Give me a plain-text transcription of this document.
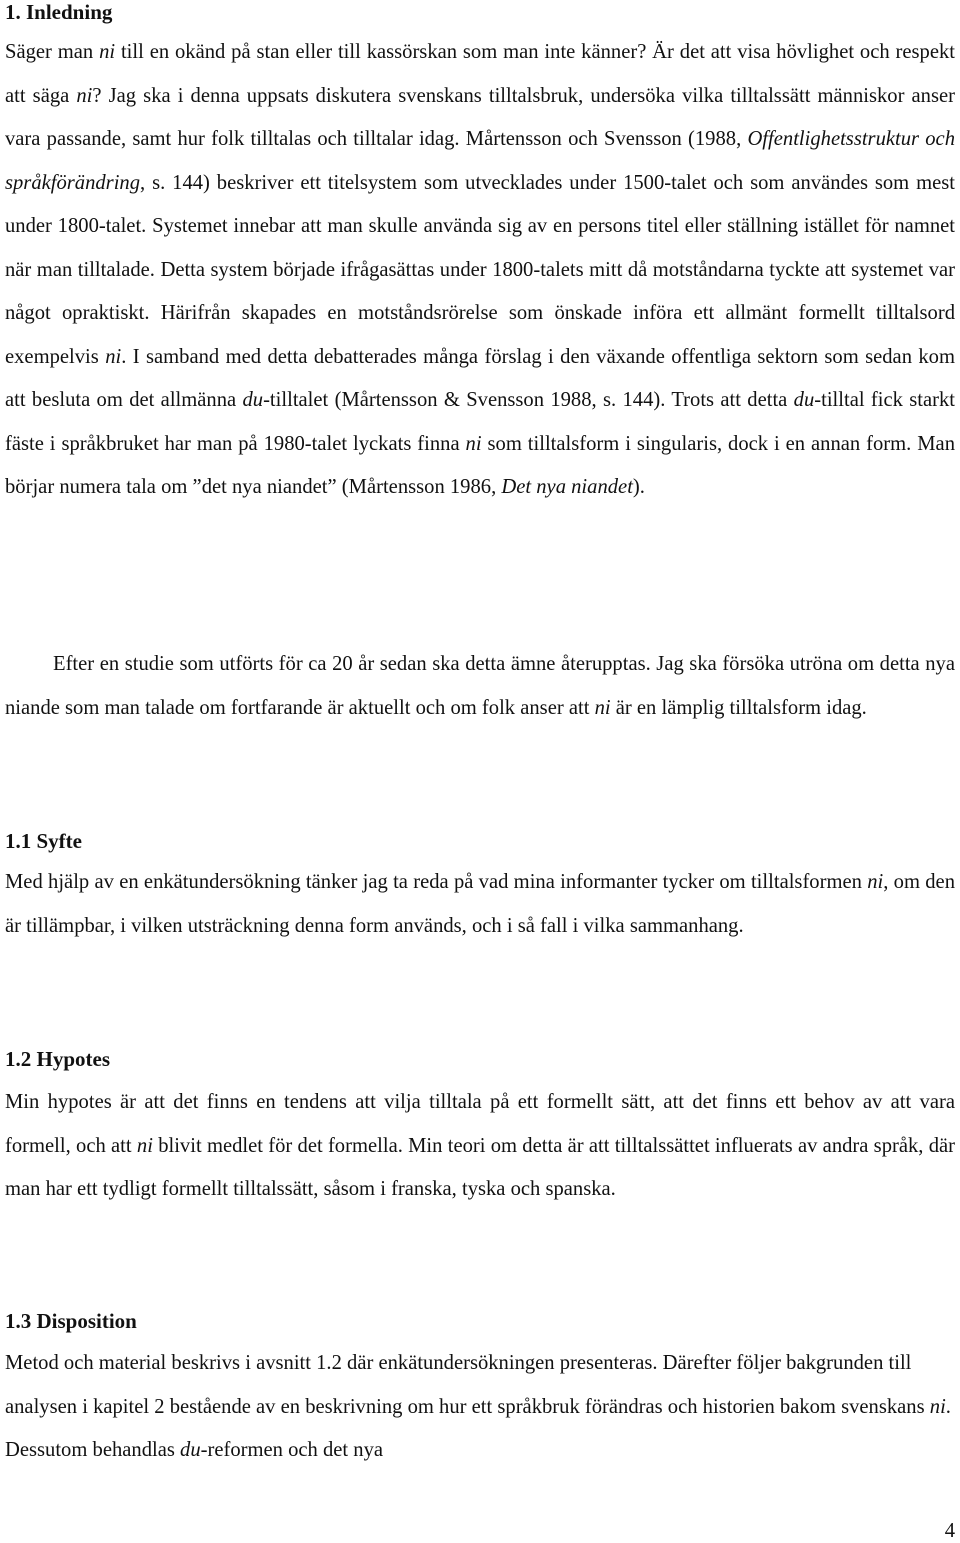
1. Inledning

Säger man ni till en okänd på stan eller till kassörskan som man inte känner? Är det att visa hövlighet och respekt att säga ni? Jag ska i denna uppsats diskutera svenskans tilltalsbruk, undersöka vilka tilltalssätt människor anser vara passande, samt hur folk tilltalas och tilltalar idag. Mårtensson och Svensson (1988, Offentlighetsstruktur och språkförändring, s. 144) beskriver ett titelsystem som utvecklades under 1500-talet och som användes som mest under 1800-talet. Systemet innebar att man skulle använda sig av en persons titel eller ställning istället för namnet när man tilltalade. Detta system började ifrågasättas under 1800-talets mitt då motståndarna tyckte att systemet var något opraktiskt. Härifrån skapades en motståndsrörelse som önskade införa ett allmänt formellt tilltalsord exempelvis ni. I samband med detta debatterades många förslag i den växande offentliga sektorn som sedan kom att besluta om det allmänna du-tilltalet (Mårtensson & Svensson 1988, s. 144). Trots att detta du-tilltal fick starkt fäste i språkbruket har man på 1980-talet lyckats finna ni som tilltalsform i singularis, dock i en annan form. Man börjar numera tala om ”det nya niandet” (Mårtensson 1986, Det nya niandet).

Efter en studie som utförts för ca 20 år sedan ska detta ämne återupptas. Jag ska försöka utröna om detta nya niande som man talade om fortfarande är aktuellt och om folk anser att ni är en lämplig tilltalsform idag.

1.1 Syfte

Med hjälp av en enkätundersökning tänker jag ta reda på vad mina informanter tycker om tilltalsformen ni, om den är tillämpbar, i vilken utsträckning denna form används, och i så fall i vilka sammanhang.

1.2 Hypotes

Min hypotes är att det finns en tendens att vilja tilltala på ett formellt sätt, att det finns ett behov av att vara formell, och att ni blivit medlet för det formella. Min teori om detta är att tilltalssättet influerats av andra språk, där man har ett tydligt formellt tilltalssätt, såsom i franska, tyska och spanska.

1.3 Disposition

Metod och material beskrivs i avsnitt 1.2 där enkätundersökningen presenteras. Därefter följer bakgrunden till analysen i kapitel 2 bestående av en beskrivning om hur ett språkbruk förändras och historien bakom svenskans ni. Dessutom behandlas du-reformen och det nya

4
